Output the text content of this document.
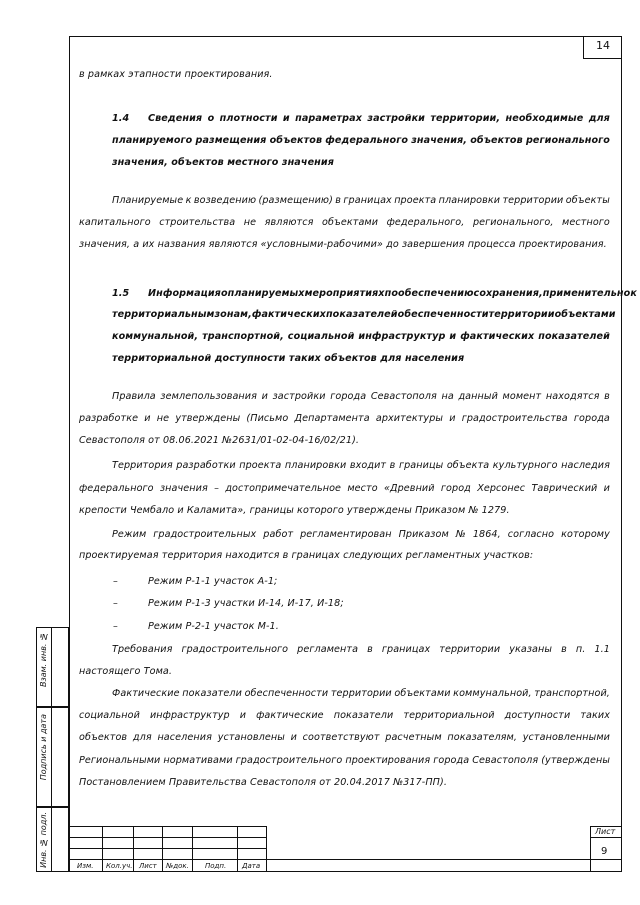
14
в рамках этапности проектирования.
1.4 Сведения о плотности и параметрах застройки территории, необходимые для
планируемого размещения объектов федерального значения, объектов регионального
значения, объектов местного значения
Планируемые к возведению (размещению) в границах проекта планировки территории объекты
капитального строительства не являются объектами федерального, регионального, местного
значения, а их названия являются «условными-рабочими» до завершения процесса проектирования.
1.5 Информация о планируемых мероприятиях по обеспечению сохранения, применительно к
территориальным зонам, фактических показателей обеспеченности территории объектами
коммунальной, транспортной, социальной инфраструктур и фактических показателей
территориальной доступности таких объектов для населения
Правила землепользования и застройки города Севастополя на данный момент находятся в
разработке и не утверждены (Письмо Департамента архитектуры и градостроительства города
Севастополя от 08.06.2021 №2631/01-02-04-16/02/21).
Территория разработки проекта планировки входит в границы объекта культурного наследия
федерального значения – достопримечательное место «Древний город Херсонес Таврический и
крепости Чембало и Каламита», границы которого утверждены Приказом № 1279.
Режим градостроительных работ регламентирован Приказом № 1864, согласно которому
проектируемая территория находится в границах следующих регламентных участков:
–	Режим Р-1-1 участок А-1;
–	Режим Р-1-3 участки И-14, И-17, И-18;
–	Режим Р-2-1 участок М-1.
Требования градостроительного регламента в границах территории указаны в п. 1.1
настоящего Тома.
Фактические показатели обеспеченности территории объектами коммунальной, транспортной,
социальной инфраструктур и фактические показатели территориальной доступности таких
объектов для населения установлены и соответствуют расчетным показателям, установленными
Региональными нормативами градостроительного проектирования города Севастополя (утверждены
Постановлением Правительства Севастополя от 20.04.2017 №317-ПП).
Взам. инв. №
Подпись и дата
Инв. № подл.	Изм. Кол.уч. Лист №док. Подп. Дата
Лист
9
